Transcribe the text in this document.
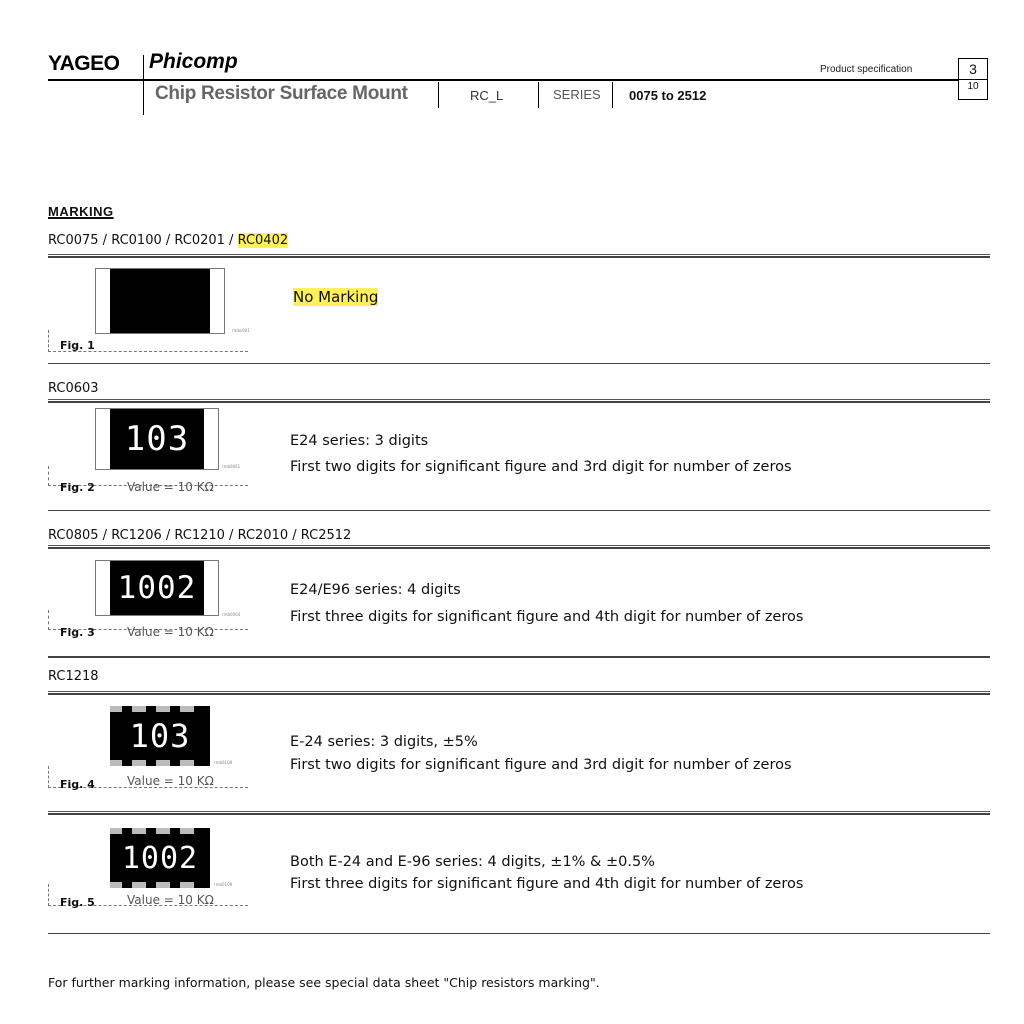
YAGEO Phicomp
Chip Resistor Surface Mount	RC_L	SERIES 0075 to 2512
Product specification	3
10
MARKING
RC0075 / RC0100 / RC0201 / RC0402
rmbv001
Fig. 1
No Marking
RC0603
103
rmb0061
Fig. 2	Value = 10 KΩ
E24 series: 3 digits
First two digits for significant figure and 3rd digit for number of zeros
RC0805 / RC1206 / RC1210 / RC2010 / RC2512
1002
rmb0064
Fig. 3	Value = 10 KΩ
E24/E96 series: 4 digits
First three digits for significant figure and 4th digit for number of zeros
RC1218
103
rmb0108
Fig. 4	Value = 10 KΩ
E-24 series: 3 digits, ±5%
First two digits for significant figure and 3rd digit for number of zeros
1002
rmb0109
Fig. 5	Value = 10 KΩ
Both E-24 and E-96 series: 4 digits, ±1% & ±0.5%
First three digits for significant figure and 4th digit for number of zeros
For further marking information, please see special data sheet "Chip resistors marking".
